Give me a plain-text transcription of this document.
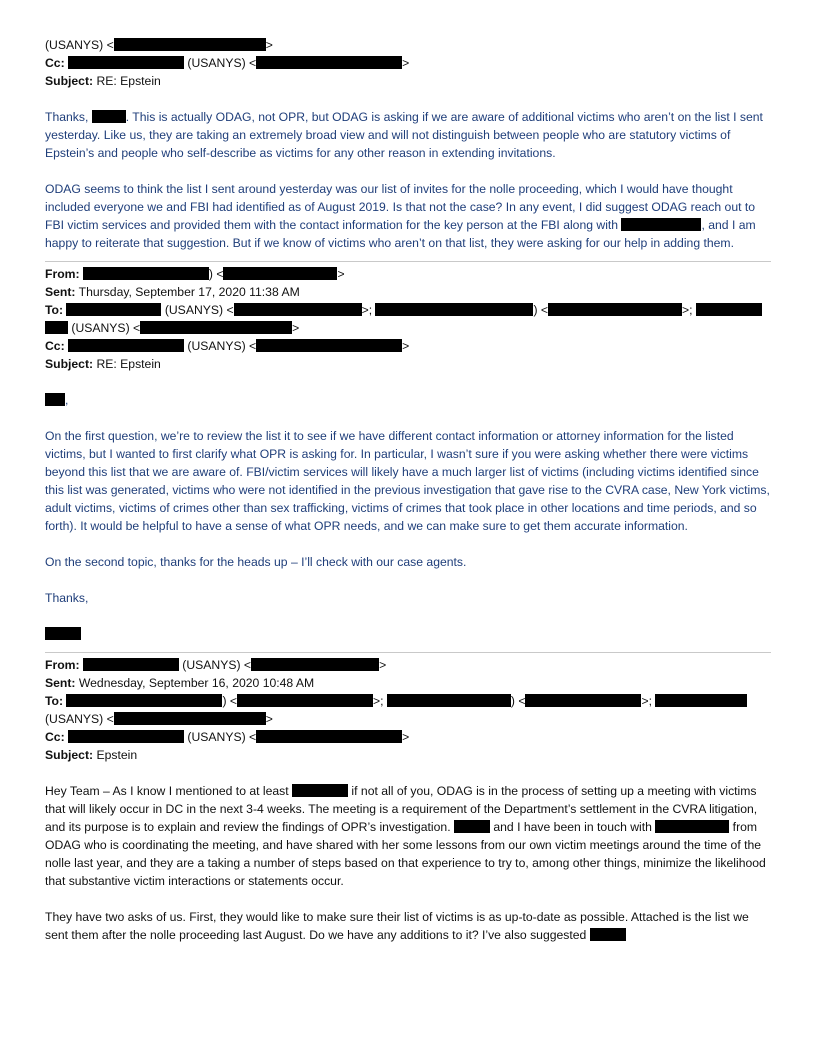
(USANYS) <	>
Cc:	(USANYS) <	>
Subject: RE: Epstein

Thanks,	. This is actually ODAG, not OPR, but ODAG is asking if we are aware of additional victims who aren’t on the list I sent yesterday. Like us, they are taking an extremely broad view and will not distinguish between people who are statutory victims of Epstein’s and people who self-describe as victims for any other reason in extending invitations.

ODAG seems to think the list I sent around yesterday was our list of invites for the nolle proceeding, which I would have thought included everyone we and FBI had identified as of August 2019. Is that not the case? In any event, I did suggest ODAG reach out to FBI victim services and provided them with the contact information for the key person at the FBI along with	, and I am happy to reiterate that suggestion. But if we know of victims who aren’t on that list, they were asking for our help in adding them.

From:	) <	>
Sent: Thursday, September 17, 2020 11:38 AM
To:	(USANYS) <	>;	) <	>;
(USANYS) <	>
Cc:	(USANYS) <	>
Subject: RE: Epstein

,

On the first question, we’re to review the list it to see if we have different contact information or attorney information for the listed victims, but I wanted to first clarify what OPR is asking for. In particular, I wasn’t sure if you were asking whether there were victims beyond this list that we are aware of. FBI/victim services will likely have a much larger list of victims (including victims identified since this list was generated, victims who were not identified in the previous investigation that gave rise to the CVRA case, New York victims, adult victims, victims of crimes other than sex trafficking, victims of crimes that took place in other locations and time periods, and so forth). It would be helpful to have a sense of what OPR needs, and we can make sure to get them accurate information.

On the second topic, thanks for the heads up – I’ll check with our case agents.

Thanks,

From:	(USANYS) <	>
Sent: Wednesday, September 16, 2020 10:48 AM
To:	) <	>;	) <	>;
(USANYS) <	>
Cc:	(USANYS) <	>
Subject: Epstein

Hey Team – As I know I mentioned to at least	if not all of you, ODAG is in the process of setting up a meeting with victims that will likely occur in DC in the next 3-4 weeks. The meeting is a requirement of the Department’s settlement in the CVRA litigation, and its purpose is to explain and review the findings of OPR’s investigation.	and I have been in touch with	from ODAG who is coordinating the meeting, and have shared with her some lessons from our own victim meetings around the time of the nolle last year, and they are a taking a number of steps based on that experience to try to, among other things, minimize the likelihood that substantive victim interactions or statements occur.

They have two asks of us. First, they would like to make sure their list of victims is as up-to-date as possible. Attached is the list we sent them after the nolle proceeding last August. Do we have any additions to it? I’ve also suggested
